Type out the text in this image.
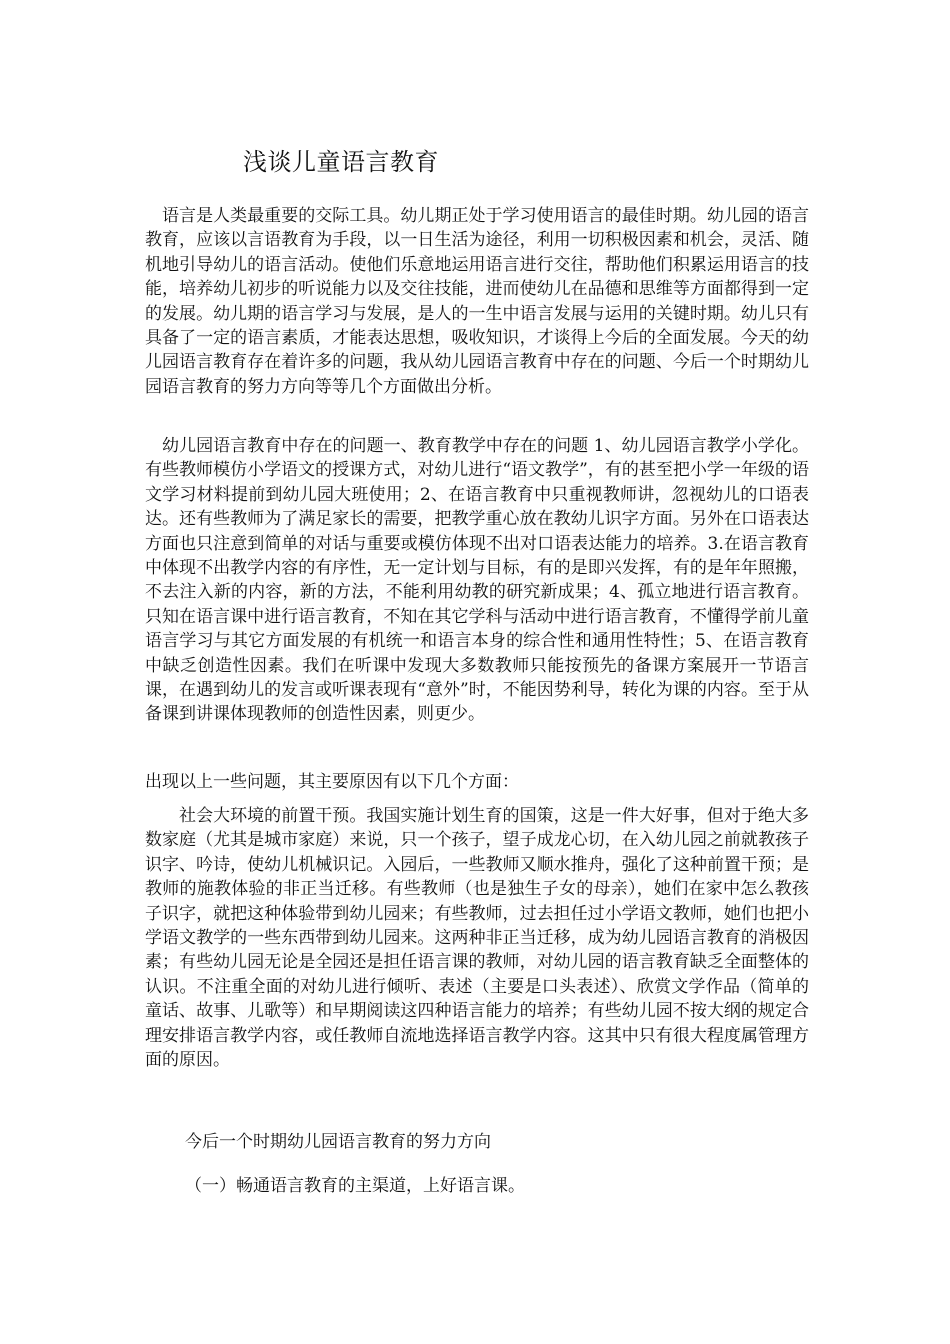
浅谈儿童语言教育

　语言是人类最重要的交际工具。幼儿期正处于学习使用语言的最佳时期。幼儿园的语言教育，应该以言语教育为手段，以一日生活为途径，利用一切积极因素和机会，灵活、随机地引导幼儿的语言活动。使他们乐意地运用语言进行交往，帮助他们积累运用语言的技能，培养幼儿初步的听说能力以及交往技能，进而使幼儿在品德和思维等方面都得到一定的发展。幼儿期的语言学习与发展，是人的一生中语言发展与运用的关键时期。幼儿只有具备了一定的语言素质，才能表达思想，吸收知识，才谈得上今后的全面发展。今天的幼儿园语言教育存在着许多的问题，我从幼儿园语言教育中存在的问题、今后一个时期幼儿园语言教育的努力方向等等几个方面做出分析。

　幼儿园语言教育中存在的问题一、教育教学中存在的问题 1、幼儿园语言教学小学化。有些教师模仿小学语文的授课方式，对幼儿进行“语文教学”，有的甚至把小学一年级的语文学习材料提前到幼儿园大班使用；2、在语言教育中只重视教师讲，忽视幼儿的口语表达。还有些教师为了满足家长的需要，把教学重心放在教幼儿识字方面。另外在口语表达方面也只注意到简单的对话与重要或模仿体现不出对口语表达能力的培养。3.在语言教育中体现不出教学内容的有序性，无一定计划与目标，有的是即兴发挥，有的是年年照搬，不去注入新的内容，新的方法，不能利用幼教的研究新成果；4、孤立地进行语言教育。只知在语言课中进行语言教育，不知在其它学科与活动中进行语言教育，不懂得学前儿童语言学习与其它方面发展的有机统一和语言本身的综合性和通用性特性；5、在语言教育中缺乏创造性因素。我们在听课中发现大多数教师只能按预先的备课方案展开一节语言课，在遇到幼儿的发言或听课表现有“意外”时，不能因势利导，转化为课的内容。至于从备课到讲课体现教师的创造性因素，则更少。

出现以上一些问题，其主要原因有以下几个方面：

　　社会大环境的前置干预。我国实施计划生育的国策，这是一件大好事，但对于绝大多数家庭（尤其是城市家庭）来说，只一个孩子，望子成龙心切，在入幼儿园之前就教孩子识字、吟诗，使幼儿机械识记。入园后，一些教师又顺水推舟，强化了这种前置干预；是教师的施教体验的非正当迁移。有些教师（也是独生子女的母亲），她们在家中怎么教孩子识字，就把这种体验带到幼儿园来；有些教师，过去担任过小学语文教师，她们也把小学语文教学的一些东西带到幼儿园来。这两种非正当迁移，成为幼儿园语言教育的消极因素；有些幼儿园无论是全园还是担任语言课的教师，对幼儿园的语言教育缺乏全面整体的认识。不注重全面的对幼儿进行倾听、表述（主要是口头表述）、欣赏文学作品（简单的童话、故事、儿歌等）和早期阅读这四种语言能力的培养；有些幼儿园不按大纲的规定合理安排语言教学内容，或任教师自流地选择语言教学内容。这其中只有很大程度属管理方面的原因。

今后一个时期幼儿园语言教育的努力方向
（一）畅通语言教育的主渠道，上好语言课。
